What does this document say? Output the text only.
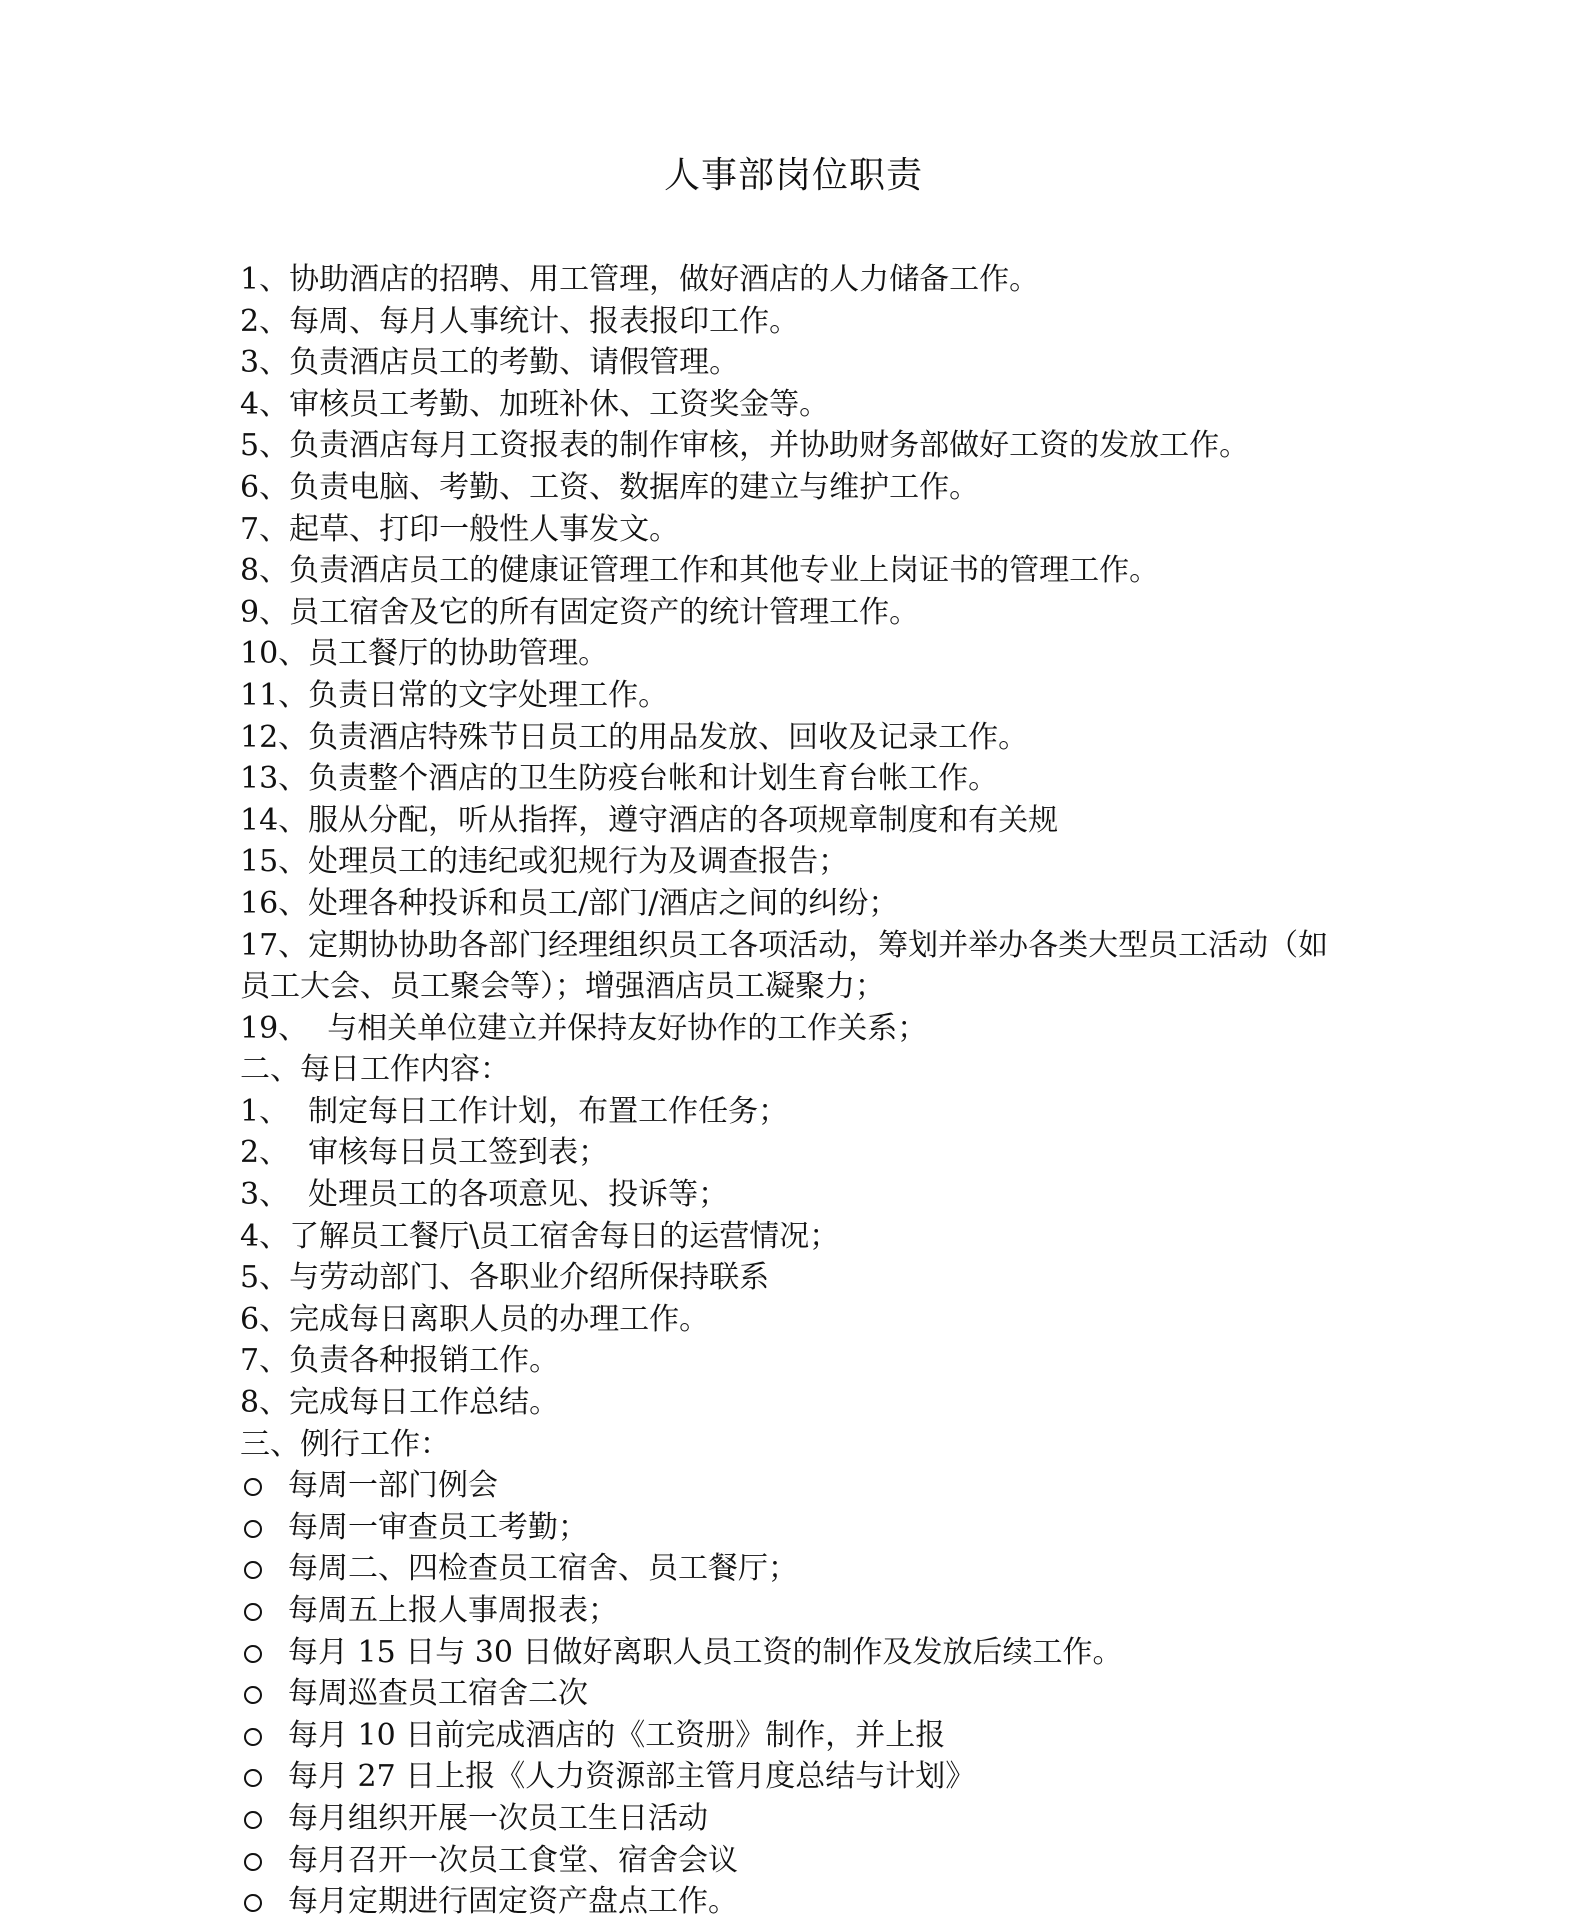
人事部岗位职责
1、协助酒店的招聘、用工管理，做好酒店的人力储备工作。
2、每周、每月人事统计、报表报印工作。
3、负责酒店员工的考勤、请假管理。
4、审核员工考勤、加班补休、工资奖金等。
5、负责酒店每月工资报表的制作审核，并协助财务部做好工资的发放工作。
6、负责电脑、考勤、工资、数据库的建立与维护工作。
7、起草、打印一般性人事发文。
8、负责酒店员工的健康证管理工作和其他专业上岗证书的管理工作。
9、员工宿舍及它的所有固定资产的统计管理工作。
10、员工餐厅的协助管理。
11、负责日常的文字处理工作。
12、负责酒店特殊节日员工的用品发放、回收及记录工作。
13、负责整个酒店的卫生防疫台帐和计划生育台帐工作。
14、服从分配，听从指挥，遵守酒店的各项规章制度和有关规
15、处理员工的违纪或犯规行为及调查报告；
16、处理各种投诉和员工/部门/酒店之间的纠纷；
17、定期协协助各部门经理组织员工各项活动，筹划并举办各类大型员工活动（如
员工大会、员工聚会等）；增强酒店员工凝聚力；
19、  与相关单位建立并保持友好协作的工作关系；
二、每日工作内容：
1、  制定每日工作计划，布置工作任务；
2、  审核每日员工签到表；
3、  处理员工的各项意见、投诉等；
4、了解员工餐厅\员工宿舍每日的运营情况；
5、与劳动部门、各职业介绍所保持联系
6、完成每日离职人员的办理工作。
7、负责各种报销工作。
8、完成每日工作总结。
三、例行工作：
每周一部门例会
每周一审查员工考勤；
每周二、四检查员工宿舍、员工餐厅；
每周五上报人事周报表；
每月 15 日与 30 日做好离职人员工资的制作及发放后续工作。
每周巡查员工宿舍二次
每月 10 日前完成酒店的《工资册》制作，并上报
每月 27 日上报《人力资源部主管月度总结与计划》
每月组织开展一次员工生日活动
每月召开一次员工食堂、宿舍会议
每月定期进行固定资产盘点工作。
